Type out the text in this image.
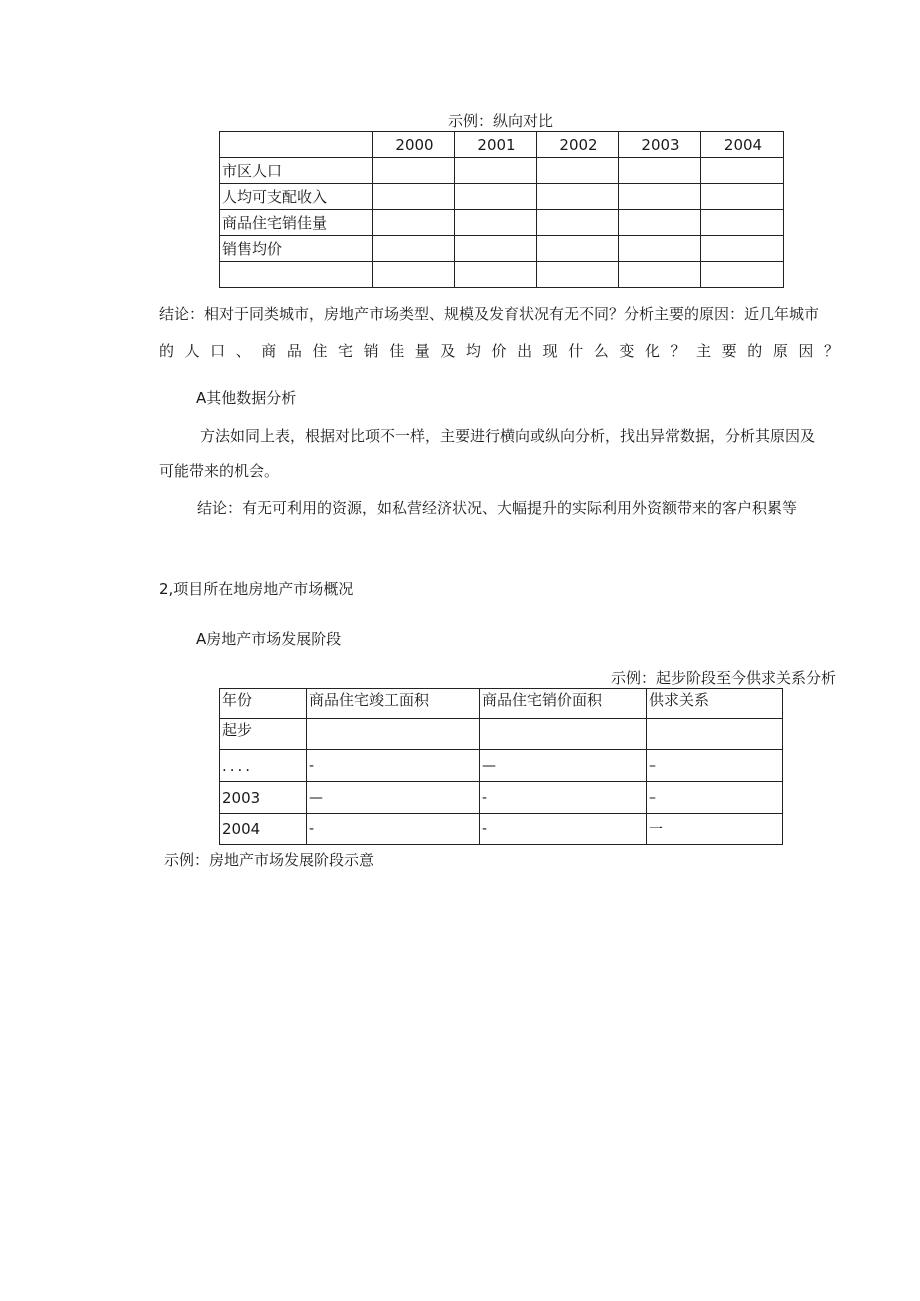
示例：纵向对比
	2000	2001	2002	2003	2004
市区人口					
人均可支配收入					
商品住宅销佳量					
销售均价					

结论：相对于同类城市，房地产市场类型、规模及发育状况有无不同？分析主要的原因：近几年城市
的人口、商品住宅销佳量及均价出现什么变化？主要的原因？
A其他数据分析
方法如同上表，根据对比项不一样，主要进行横向或纵向分析，找出异常数据，分析其原因及
可能带来的机会。
结论：有无可利用的资源，如私营经济状况、大幅提升的实际利用外资额带来的客户积累等
2,项目所在地房地产市场概况
A房地产市场发展阶段
示例：起步阶段至今供求关系分析
年份	商品住宅竣工面积	商品住宅销价面积	供求关系
起步			
....	-	—	–
2003	—	-	–
2004	-	-	一
示例：房地产市场发展阶段示意
